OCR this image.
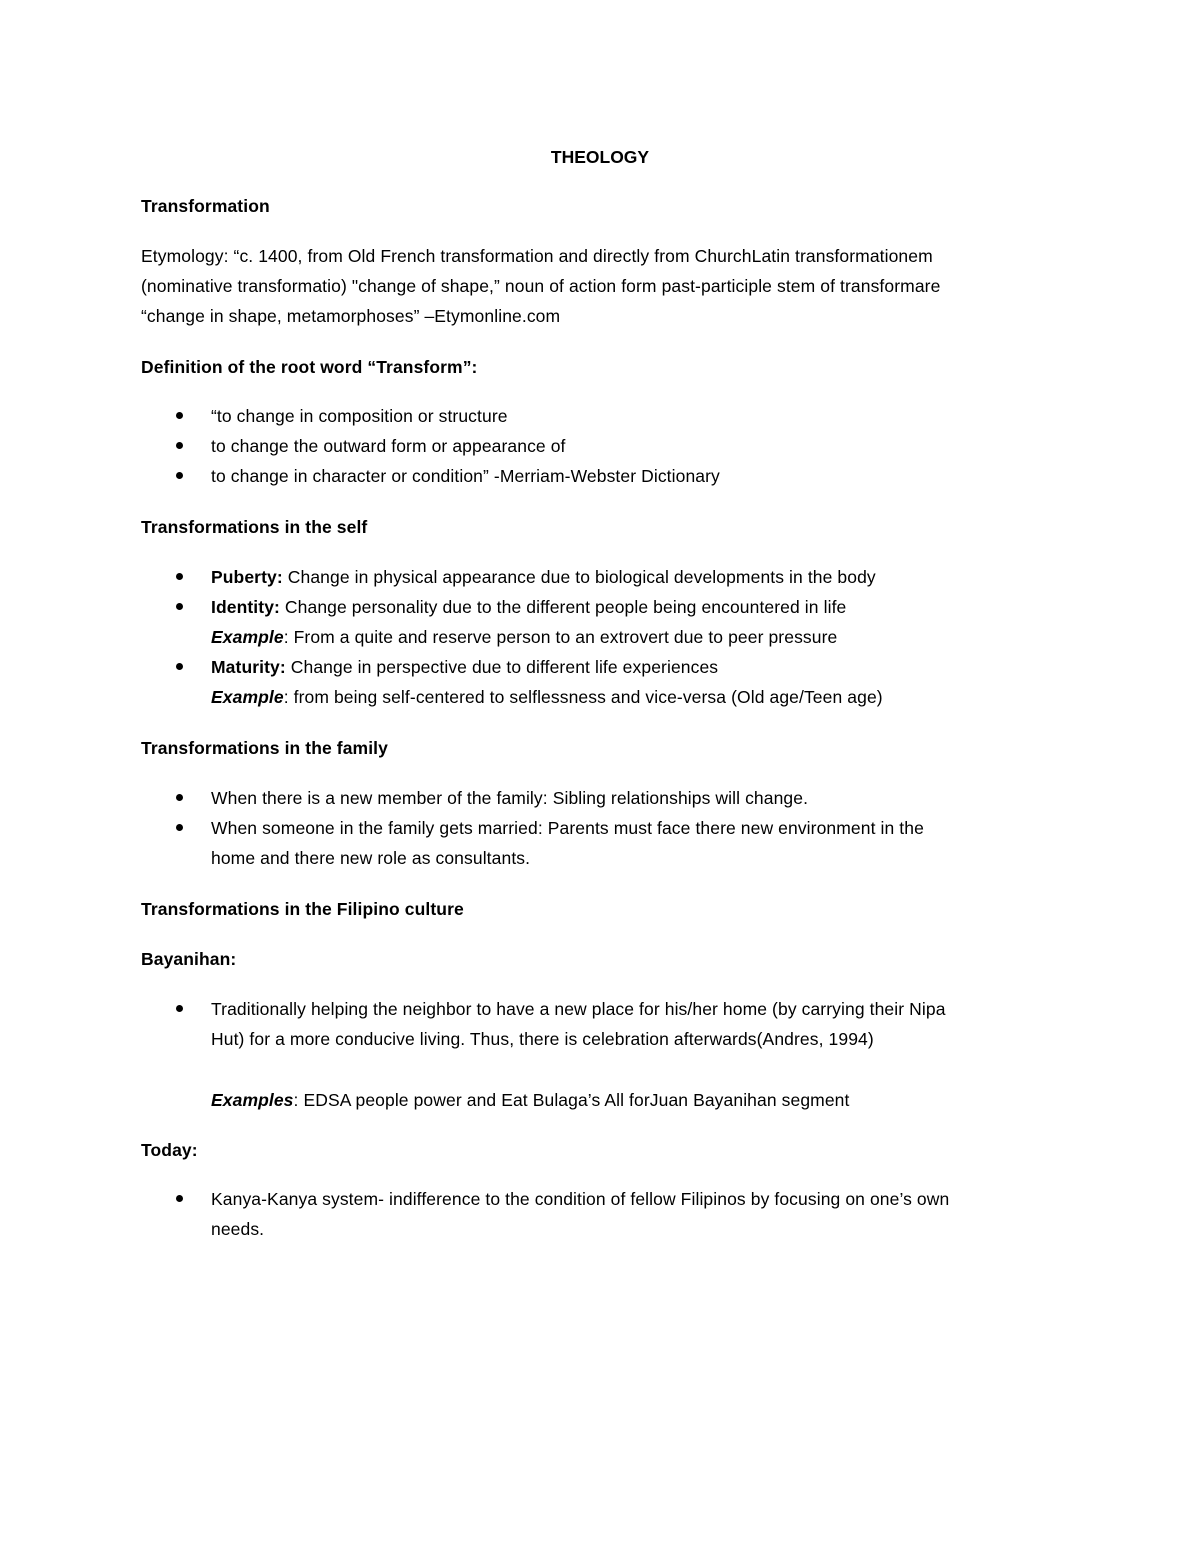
THEOLOGY
Transformation
Etymology: “c. 1400, from Old French transformation and directly from ChurchLatin transformationem
(nominative transformatio) "change of shape,” noun of action form past-participle stem of transformare
“change in shape, metamorphoses” –Etymonline.com
Definition of the root word “Transform”:
“to change in composition or structure
to change the outward form or appearance of
to change in character or condition” -Merriam-Webster Dictionary
Transformations in the self
Puberty: Change in physical appearance due to biological developments in the body
Identity: Change personality due to the different people being encountered in life
Example: From a quite and reserve person to an extrovert due to peer pressure
Maturity: Change in perspective due to different life experiences
Example: from being self-centered to selflessness and vice-versa (Old age/Teen age)
Transformations in the family
When there is a new member of the family: Sibling relationships will change.
When someone in the family gets married: Parents must face there new environment in the
home and there new role as consultants.
Transformations in the Filipino culture
Bayanihan:
Traditionally helping the neighbor to have a new place for his/her home (by carrying their Nipa
Hut) for a more conducive living. Thus, there is celebration afterwards(Andres, 1994)
Examples: EDSA people power and Eat Bulaga’s All forJuan Bayanihan segment
Today:
Kanya-Kanya system- indifference to the condition of fellow Filipinos by focusing on one’s own
needs.
